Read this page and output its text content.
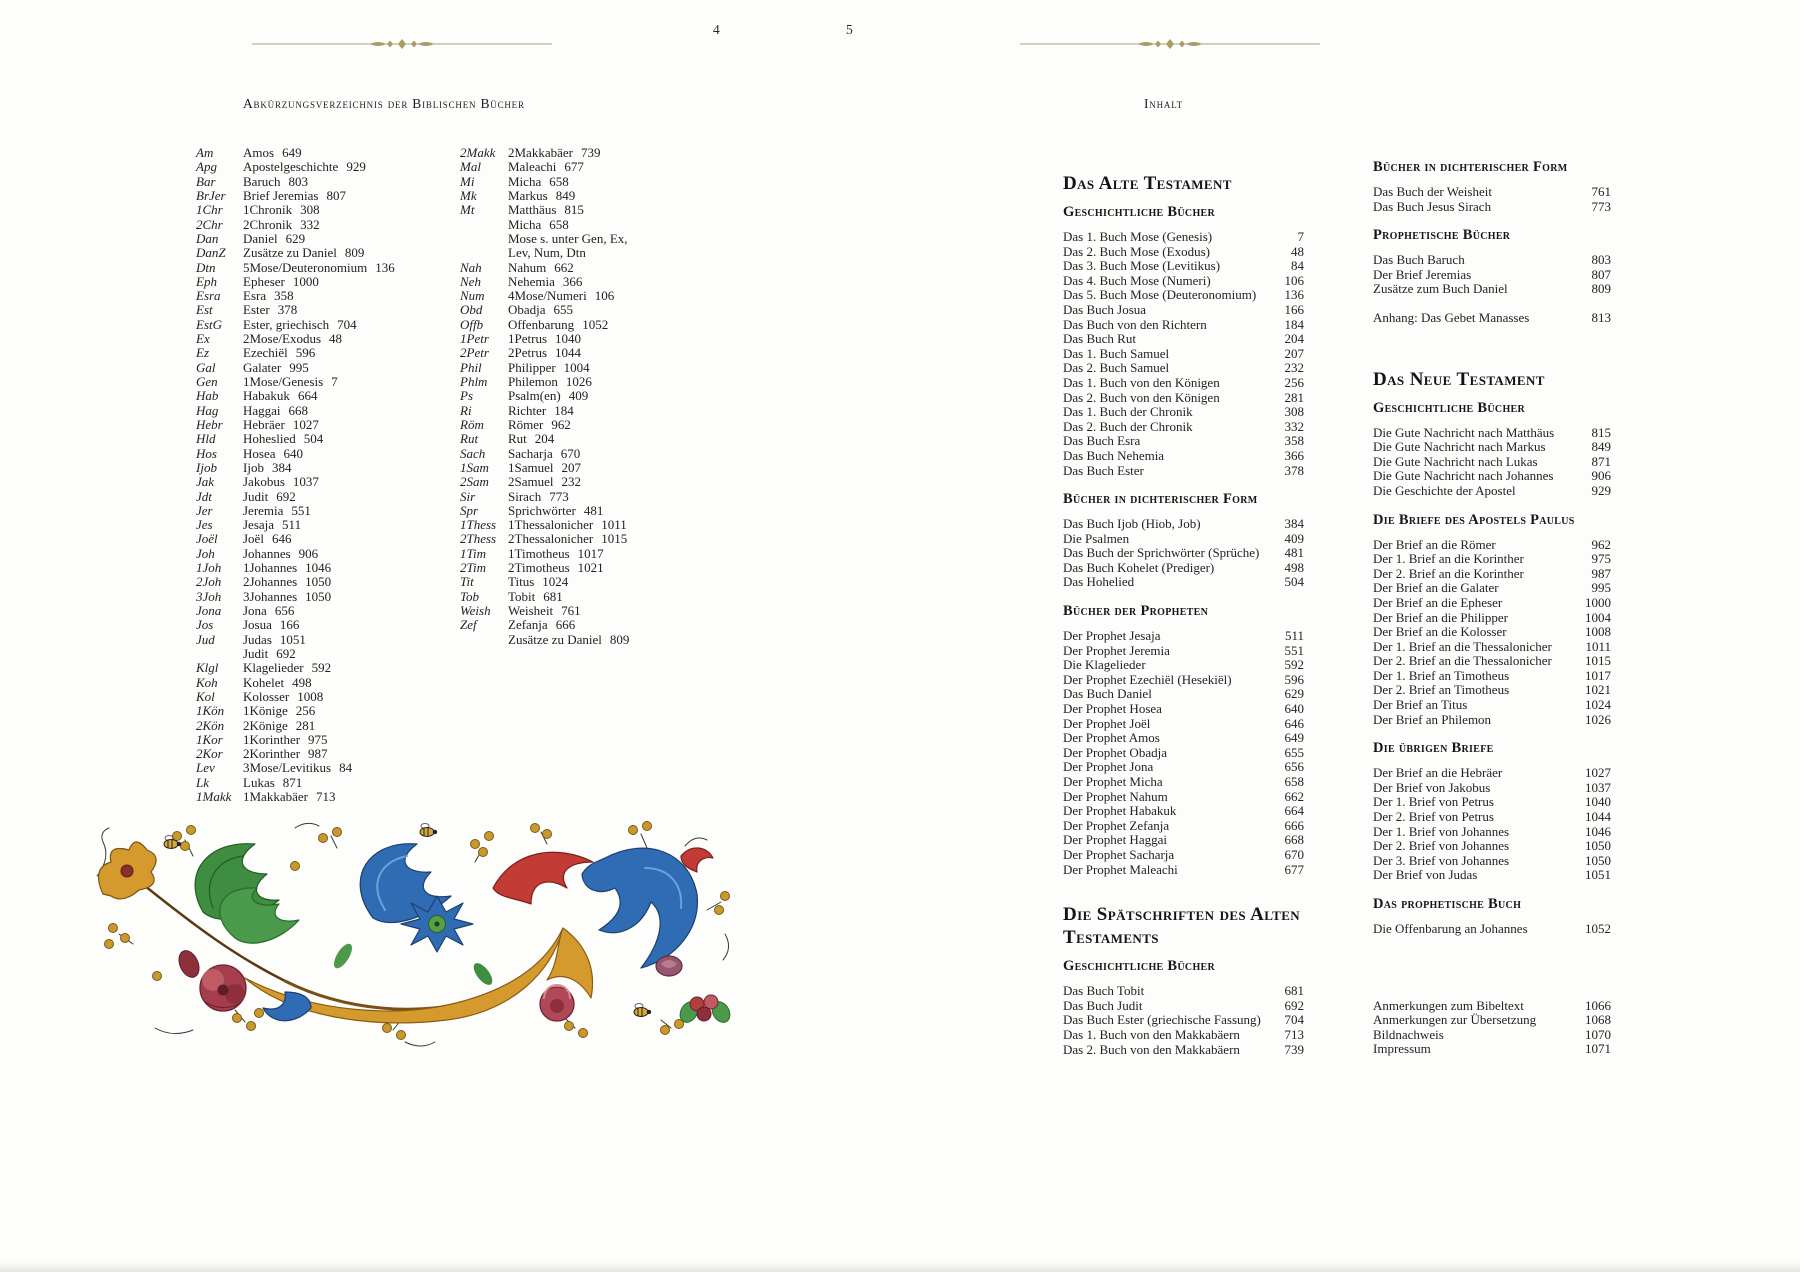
4	5
Abkürzungsverzeichnis der Biblischen Bücher
Am	Amos 649
Apg	Apostelgeschichte 929
Bar	Baruch 803
BrJer	Brief Jeremias 807
1Chr	1Chronik 308
2Chr	2Chronik 332
Dan	Daniel 629
DanZ	Zusätze zu Daniel 809
Dtn	5Mose/Deuteronomium 136
Eph	Epheser 1000
Esra	Esra 358
Est	Ester 378
EstG	Ester, griechisch 704
Ex	2Mose/Exodus 48
Ez	Ezechiël 596
Gal	Galater 995
Gen	1Mose/Genesis 7
Hab	Habakuk 664
Hag	Haggai 668
Hebr	Hebräer 1027
Hld	Hoheslied 504
Hos	Hosea 640
Ijob	Ijob 384
Jak	Jakobus 1037
Jdt	Judit 692
Jer	Jeremia 551
Jes	Jesaja 511
Joël	Joël 646
Joh	Johannes 906
1Joh	1Johannes 1046
2Joh	2Johannes 1050
3Joh	3Johannes 1050
Jona	Jona 656
Jos	Josua 166
Jud	Judas 1051
Judit 692
Klgl	Klagelieder 592
Koh	Kohelet 498
Kol	Kolosser 1008
1Kön	1Könige 256
2Kön	2Könige 281
1Kor	1Korinther 975
2Kor	2Korinther 987
Lev	3Mose/Levitikus 84
Lk	Lukas 871
1Makk 1Makkabäer 713
2Makk 2Makkabäer 739
Mal	Maleachi 677
Mi	Micha 658
Mk	Markus 849
Mt	Matthäus 815
Micha 658
Mose s. unter Gen, Ex,
Lev, Num, Dtn
Nah	Nahum 662
Neh	Nehemia 366
Num	4Mose/Numeri 106
Obd	Obadja 655
Offb	Offenbarung 1052
1Petr	1Petrus 1040
2Petr	2Petrus 1044
Phil	Philipper 1004
Phlm	Philemon 1026
Ps	Psalm(en) 409
Ri	Richter 184
Röm	Römer 962
Rut	Rut 204
Sach	Sacharja 670
1Sam	1Samuel 207
2Sam	2Samuel 232
Sir	Sirach 773
Spr	Sprichwörter 481
1Thess 1Thessalonicher 1011
2Thess 2Thessalonicher 1015
1Tim	1Timotheus 1017
2Tim	2Timotheus 1021
Tit	Titus 1024
Tob	Tobit 681
Weish	Weisheit 761
Zef	Zefanja 666
Zusätze zu Daniel 809
Inhalt
Das Alte Testament
Geschichtliche Bücher
Das 1. Buch Mose (Genesis)	7
Das 2. Buch Mose (Exodus)	48
Das 3. Buch Mose (Levitikus)	84
Das 4. Buch Mose (Numeri)	106
Das 5. Buch Mose (Deuteronomium)	136
Das Buch Josua	166
Das Buch von den Richtern	184
Das Buch Rut	204
Das 1. Buch Samuel	207
Das 2. Buch Samuel	232
Das 1. Buch von den Königen	256
Das 2. Buch von den Königen	281
Das 1. Buch der Chronik	308
Das 2. Buch der Chronik	332
Das Buch Esra	358
Das Buch Nehemia	366
Das Buch Ester	378
Bücher in dichterischer Form
Das Buch Ijob (Hiob, Job)	384
Die Psalmen	409
Das Buch der Sprichwörter (Sprüche)	481
Das Buch Kohelet (Prediger)	498
Das Hohelied	504
Bücher der Propheten
Der Prophet Jesaja	511
Der Prophet Jeremia	551
Die Klagelieder	592
Der Prophet Ezechiël (Hesekiël)	596
Das Buch Daniel	629
Der Prophet Hosea	640
Der Prophet Joël	646
Der Prophet Amos	649
Der Prophet Obadja	655
Der Prophet Jona	656
Der Prophet Micha	658
Der Prophet Nahum	662
Der Prophet Habakuk	664
Der Prophet Zefanja	666
Der Prophet Haggai	668
Der Prophet Sacharja	670
Der Prophet Maleachi	677
Die Spätschriften des Alten Testaments
Geschichtliche Bücher
Das Buch Tobit	681
Das Buch Judit	692
Das Buch Ester (griechische Fassung)	704
Das 1. Buch von den Makkabäern	713
Das 2. Buch von den Makkabäern	739
Bücher in dichterischer Form
Das Buch der Weisheit	761
Das Buch Jesus Sirach	773
Prophetische Bücher
Das Buch Baruch	803
Der Brief Jeremias	807
Zusätze zum Buch Daniel	809
Anhang: Das Gebet Manasses	813
Das Neue Testament
Geschichtliche Bücher
Die Gute Nachricht nach Matthäus	815
Die Gute Nachricht nach Markus	849
Die Gute Nachricht nach Lukas	871
Die Gute Nachricht nach Johannes	906
Die Geschichte der Apostel	929
Die Briefe des Apostels Paulus
Der Brief an die Römer	962
Der 1. Brief an die Korinther	975
Der 2. Brief an die Korinther	987
Der Brief an die Galater	995
Der Brief an die Epheser	1000
Der Brief an die Philipper	1004
Der Brief an die Kolosser	1008
Der 1. Brief an die Thessalonicher	1011
Der 2. Brief an die Thessalonicher	1015
Der 1. Brief an Timotheus	1017
Der 2. Brief an Timotheus	1021
Der Brief an Titus	1024
Der Brief an Philemon	1026
Die übrigen Briefe
Der Brief an die Hebräer	1027
Der Brief von Jakobus	1037
Der 1. Brief von Petrus	1040
Der 2. Brief von Petrus	1044
Der 1. Brief von Johannes	1046
Der 2. Brief von Johannes	1050
Der 3. Brief von Johannes	1050
Der Brief von Judas	1051
Das prophetische Buch
Die Offenbarung an Johannes	1052
Anmerkungen zum Bibeltext	1066
Anmerkungen zur Übersetzung	1068
Bildnachweis	1070
Impressum	1071
